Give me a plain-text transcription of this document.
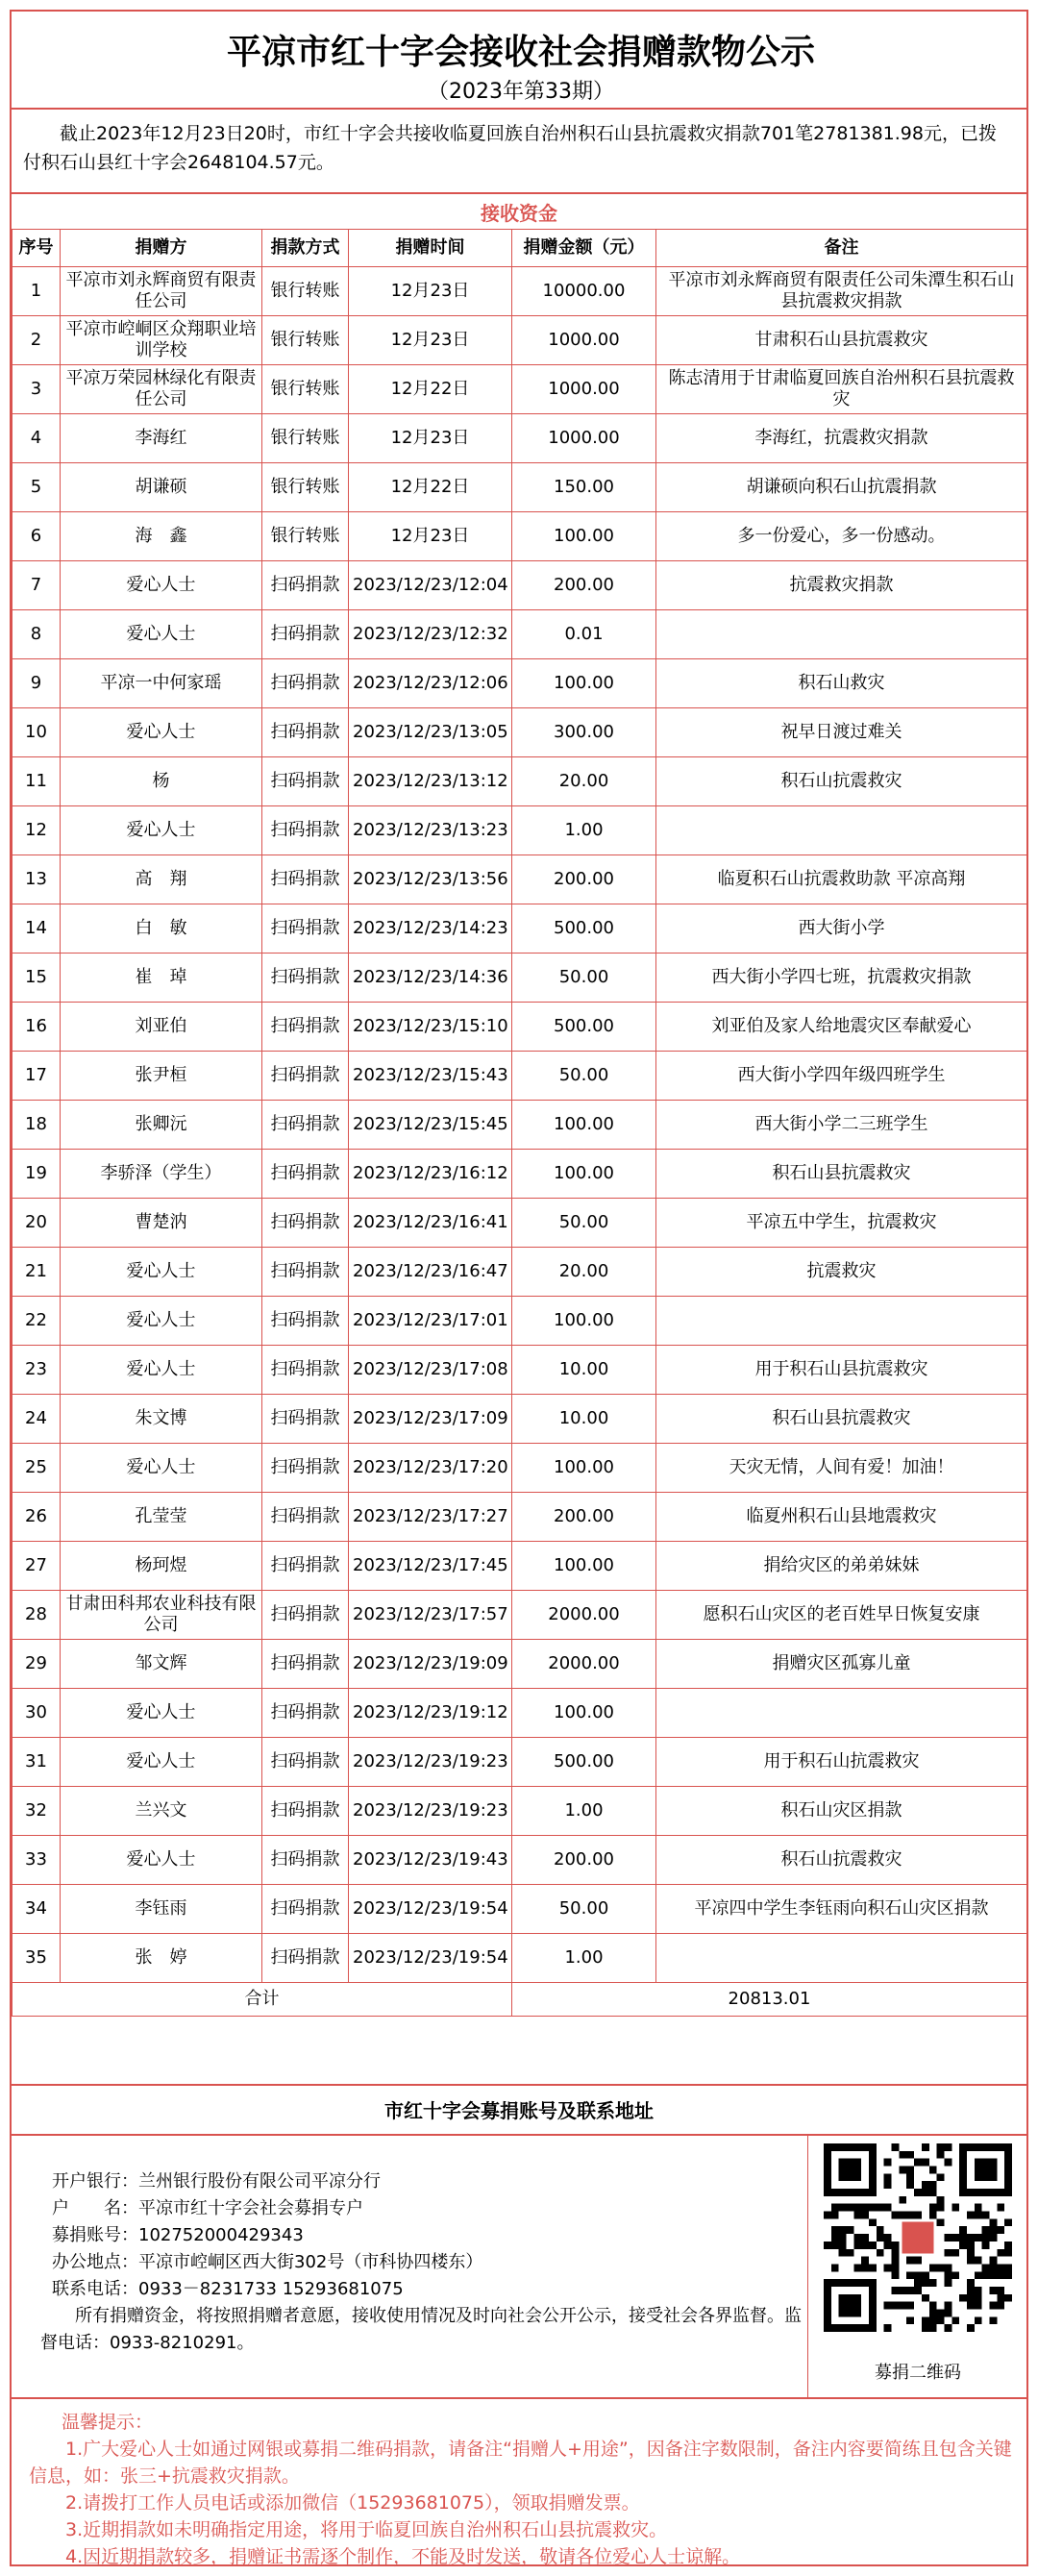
平凉市红十字会接收社会捐赠款物公示
（2023年第33期）
截止2023年12月23日20时，市红十字会共接收临夏回族自治州积石山县抗震救灾捐款701笔2781381.98元，已拨付积石山县红十字会2648104.57元。
接收资金
序号	捐赠方	捐款方式	捐赠时间	捐赠金额（元）	备注
1	平凉市刘永辉商贸有限责任公司	银行转账	12月23日	10000.00	平凉市刘永辉商贸有限责任公司朱潭生积石山县抗震救灾捐款
2	平凉市崆峒区众翔职业培训学校	银行转账	12月23日	1000.00	甘肃积石山县抗震救灾
3	平凉万荣园林绿化有限责任公司	银行转账	12月22日	1000.00	陈志清用于甘肃临夏回族自治州积石县抗震救灾
4	李海红	银行转账	12月23日	1000.00	李海红，抗震救灾捐款
5	胡谦硕	银行转账	12月22日	150.00	胡谦硕向积石山抗震捐款
6	海　鑫	银行转账	12月23日	100.00	多一份爱心，多一份感动。
7	爱心人士	扫码捐款	2023/12/23/12:04	200.00	抗震救灾捐款
8	爱心人士	扫码捐款	2023/12/23/12:32	0.01	
9	平凉一中何家瑶	扫码捐款	2023/12/23/12:06	100.00	积石山救灾
10	爱心人士	扫码捐款	2023/12/23/13:05	300.00	祝早日渡过难关
11	杨	扫码捐款	2023/12/23/13:12	20.00	积石山抗震救灾
12	爱心人士	扫码捐款	2023/12/23/13:23	1.00	
13	高　翔	扫码捐款	2023/12/23/13:56	200.00	临夏积石山抗震救助款 平凉高翔
14	白　敏	扫码捐款	2023/12/23/14:23	500.00	西大街小学
15	崔　琸	扫码捐款	2023/12/23/14:36	50.00	西大街小学四七班，抗震救灾捐款
16	刘亚伯	扫码捐款	2023/12/23/15:10	500.00	刘亚伯及家人给地震灾区奉献爱心
17	张尹桓	扫码捐款	2023/12/23/15:43	50.00	西大街小学四年级四班学生
18	张卿沅	扫码捐款	2023/12/23/15:45	100.00	西大街小学二三班学生
19	李骄泽（学生）	扫码捐款	2023/12/23/16:12	100.00	积石山县抗震救灾
20	曹楚汭	扫码捐款	2023/12/23/16:41	50.00	平凉五中学生，抗震救灾
21	爱心人士	扫码捐款	2023/12/23/16:47	20.00	抗震救灾
22	爱心人士	扫码捐款	2023/12/23/17:01	100.00	
23	爱心人士	扫码捐款	2023/12/23/17:08	10.00	用于积石山县抗震救灾
24	朱文博	扫码捐款	2023/12/23/17:09	10.00	积石山县抗震救灾
25	爱心人士	扫码捐款	2023/12/23/17:20	100.00	天灾无情，人间有爱！加油！
26	孔莹莹	扫码捐款	2023/12/23/17:27	200.00	临夏州积石山县地震救灾
27	杨珂煜	扫码捐款	2023/12/23/17:45	100.00	捐给灾区的弟弟妹妹
28	甘肃田科邦农业科技有限公司	扫码捐款	2023/12/23/17:57	2000.00	愿积石山灾区的老百姓早日恢复安康
29	邹文辉	扫码捐款	2023/12/23/19:09	2000.00	捐赠灾区孤寡儿童
30	爱心人士	扫码捐款	2023/12/23/19:12	100.00	
31	爱心人士	扫码捐款	2023/12/23/19:23	500.00	用于积石山抗震救灾
32	兰兴文	扫码捐款	2023/12/23/19:23	1.00	积石山灾区捐款
33	爱心人士	扫码捐款	2023/12/23/19:43	200.00	积石山抗震救灾
34	李钰雨	扫码捐款	2023/12/23/19:54	50.00	平凉四中学生李钰雨向积石山灾区捐款
35	张　婷	扫码捐款	2023/12/23/19:54	1.00	
合计				20813.01	
市红十字会募捐账号及联系地址
开户银行：兰州银行股份有限公司平凉分行
户　　名：平凉市红十字会社会募捐专户
募捐账号：102752000429343
办公地点：平凉市崆峒区西大街302号（市科协四楼东）
联系电话：0933－8231733 15293681075
所有捐赠资金，将按照捐赠者意愿，接收使用情况及时向社会公开公示，接受社会各界监督。监督电话：0933-8210291。
募捐二维码
温馨提示：

1.广大爱心人士如通过网银或募捐二维码捐款，请备注“捐赠人+用途”，因备注字数限制，备注内容要简练且包含关键信息，如：张三+抗震救灾捐款。

2.请拨打工作人员电话或添加微信（15293681075），领取捐赠发票。

3.近期捐款如未明确指定用途，将用于临夏回族自治州积石山县抗震救灾。

4.因近期捐款较多，捐赠证书需逐个制作，不能及时发送，敬请各位爱心人士谅解。
